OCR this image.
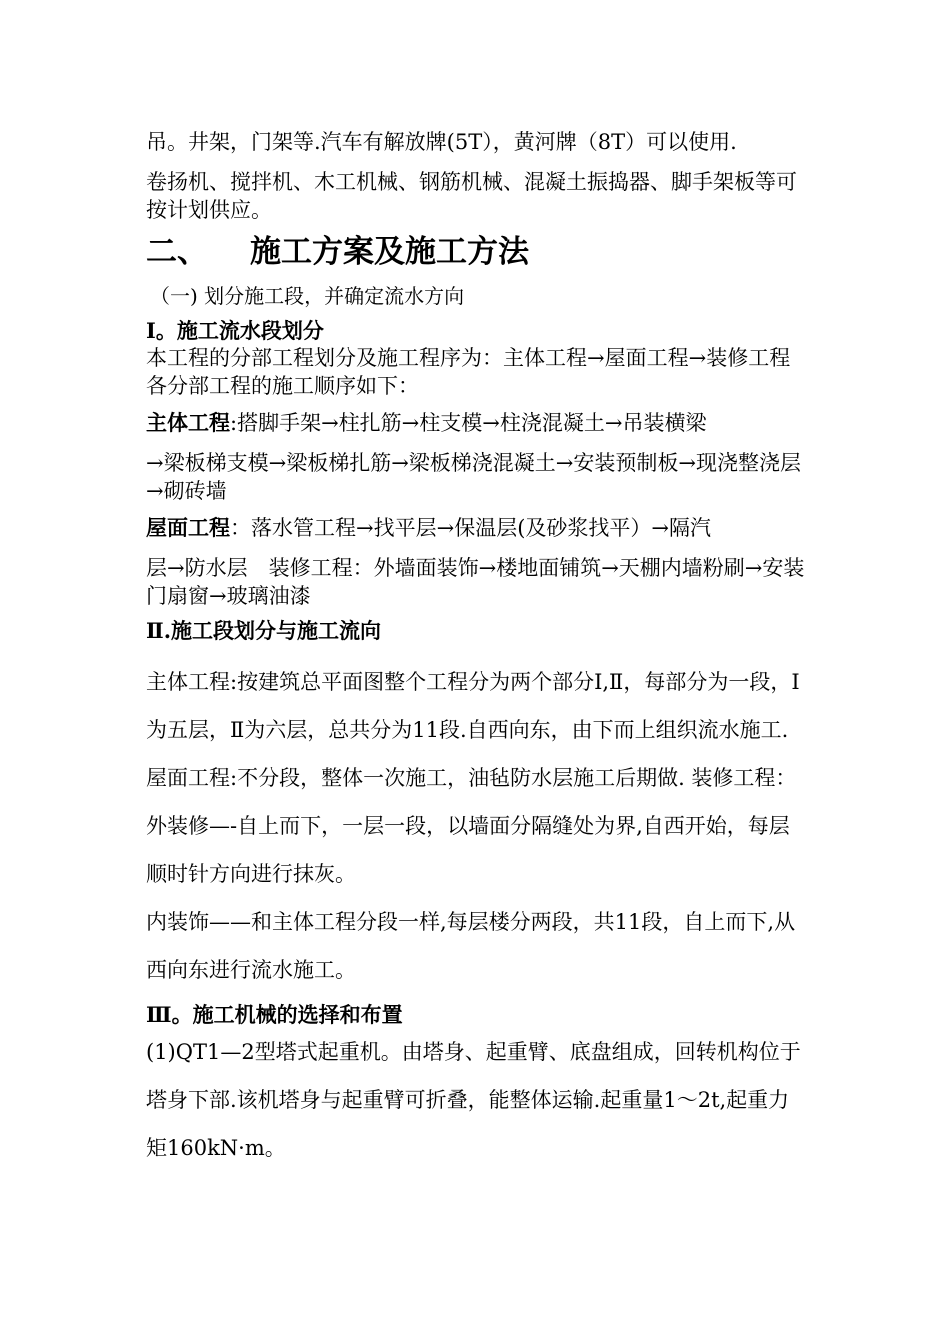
吊。井架，门架等.汽车有解放牌(5T），黄河牌（8T）可以使用.

卷扬机、搅拌机、木工机械、钢筋机械、混凝土振捣器、脚手架板等可按计划供应。

二、	施工方案及施工方法

（一) 划分施工段，并确定流水方向

Ⅰ。施工流水段划分

本工程的分部工程划分及施工程序为：主体工程→屋面工程→装修工程　各分部工程的施工顺序如下：

主体工程:搭脚手架→柱扎筋→柱支模→柱浇混凝土→吊装横梁

→梁板梯支模→梁板梯扎筋→梁板梯浇混凝土→安装预制板→现浇整浇层→砌砖墙

屋面工程：落水管工程→找平层→保温层(及砂浆找平）→隔汽

层→防水层　装修工程：外墙面装饰→楼地面铺筑→天棚内墙粉刷→安装门扇窗→玻璃油漆

Ⅱ.施工段划分与施工流向

主体工程:按建筑总平面图整个工程分为两个部分Ⅰ,Ⅱ，每部分为一段，Ⅰ为五层，Ⅱ为六层，总共分为11段.自西向东，由下而上组织流水施工. 屋面工程:不分段，整体一次施工，油毡防水层施工后期做. 装修工程：外装修—-自上而下，一层一段，以墙面分隔缝处为界,自西开始，每层顺时针方向进行抹灰。

内装饰——和主体工程分段一样,每层楼分两段，共11段，自上而下,从西向东进行流水施工。

Ⅲ。施工机械的选择和布置

(1)QT1—2型塔式起重机。由塔身、起重臂、底盘组成，回转机构位于塔身下部.该机塔身与起重臂可折叠，能整体运输.起重量1～2t,起重力矩160kN·m。
